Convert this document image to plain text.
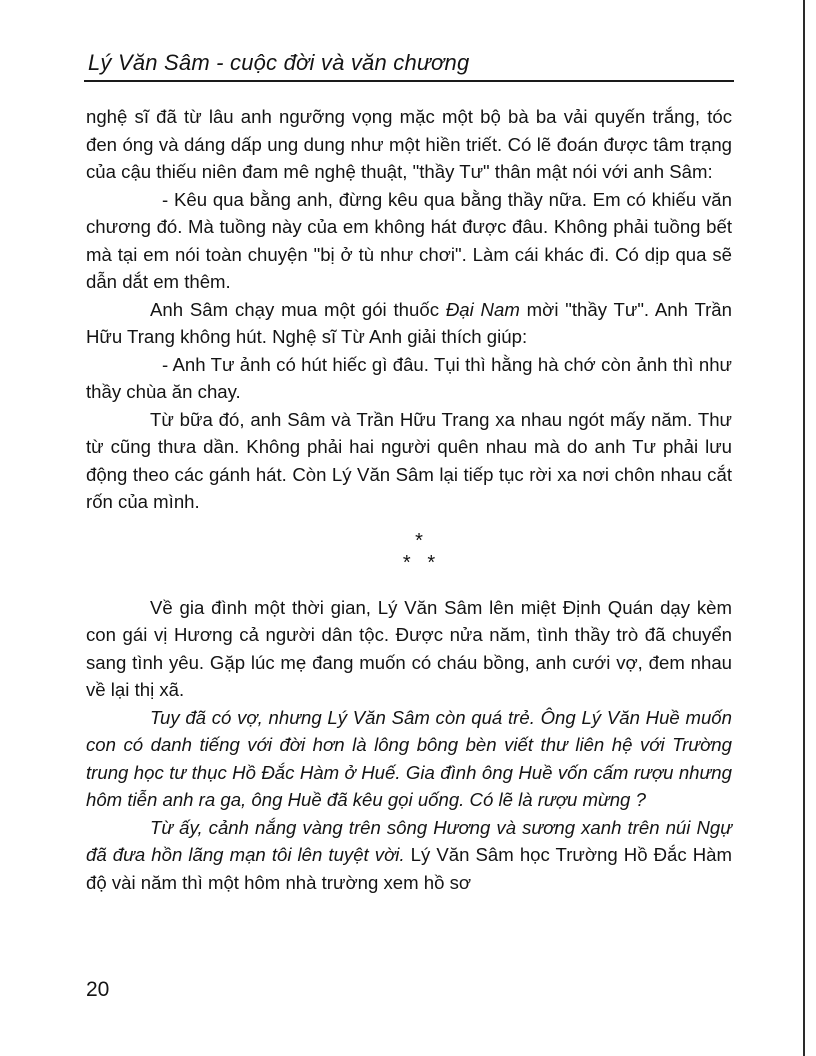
Lý Văn Sâm - cuộc đời và văn chương

nghệ sĩ đã từ lâu anh ngưỡng vọng mặc một bộ bà ba vải quyến trắng, tóc đen óng và dáng dấp ung dung như một hiền triết. Có lẽ đoán được tâm trạng của cậu thiếu niên đam mê nghệ thuật, "thầy Tư" thân mật nói với anh Sâm:

- Kêu qua bằng anh, đừng kêu qua bằng thầy nữa. Em có khiếu văn chương đó. Mà tuồng này của em không hát được đâu. Không phải tuồng bết mà tại em nói toàn chuyện "bị ở tù như chơi". Làm cái khác đi. Có dịp qua sẽ dẫn dắt em thêm.

Anh Sâm chạy mua một gói thuốc Đại Nam mời "thầy Tư". Anh Trần Hữu Trang không hút. Nghệ sĩ Từ Anh giải thích giúp:

- Anh Tư ảnh có hút hiếc gì đâu. Tụi thì hằng hà chớ còn ảnh thì như thầy chùa ăn chay.

Từ bữa đó, anh Sâm và Trần Hữu Trang xa nhau ngót mấy năm. Thư từ cũng thưa dần. Không phải hai người quên nhau mà do anh Tư phải lưu động theo các gánh hát. Còn Lý Văn Sâm lại tiếp tục rời xa nơi chôn nhau cắt rốn của mình.

*
*   *

Về gia đình một thời gian, Lý Văn Sâm lên miệt Định Quán dạy kèm con gái vị Hương cả người dân tộc. Được nửa năm, tình thầy trò đã chuyển sang tình yêu. Gặp lúc mẹ đang muốn có cháu bồng, anh cưới vợ, đem nhau về lại thị xã.

Tuy đã có vợ, nhưng Lý Văn Sâm còn quá trẻ. Ông Lý Văn Huề muốn con có danh tiếng với đời hơn là lông bông bèn viết thư liên hệ với Trường trung học tư thục Hồ Đắc Hàm ở Huế. Gia đình ông Huề vốn cấm rượu nhưng hôm tiễn anh ra ga, ông Huề đã kêu gọi uống. Có lẽ là rượu mừng ?

Từ ấy, cảnh nắng vàng trên sông Hương và sương xanh trên núi Ngự đã đưa hồn lãng mạn tôi lên tuyệt vời. Lý Văn Sâm học Trường Hồ Đắc Hàm độ vài năm thì một hôm nhà trường xem hồ sơ

20
